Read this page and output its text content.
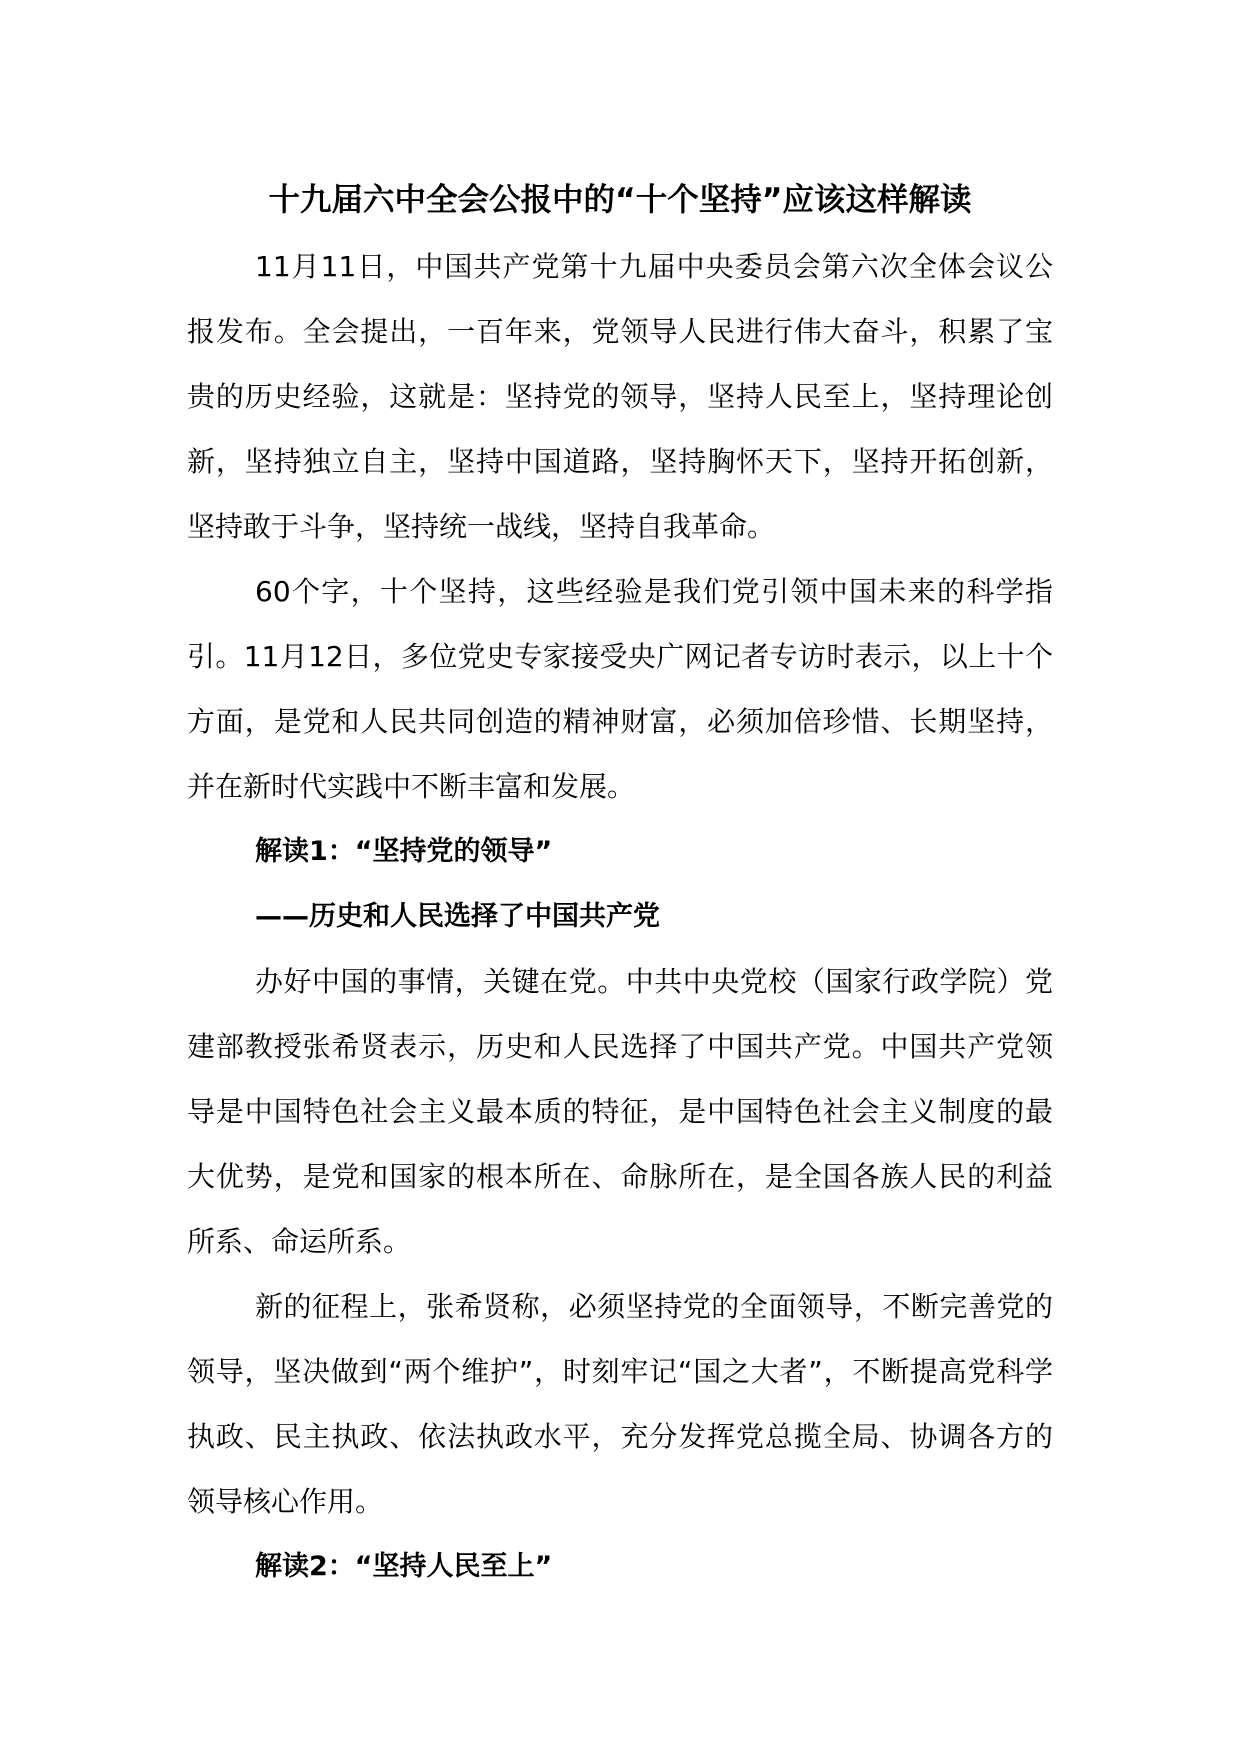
十九届六中全会公报中的“十个坚持”应该这样解读

11月11日，中国共产党第十九届中央委员会第六次全体会议公报发布。全会提出，一百年来，党领导人民进行伟大奋斗，积累了宝贵的历史经验，这就是：坚持党的领导，坚持人民至上，坚持理论创新，坚持独立自主，坚持中国道路，坚持胸怀天下，坚持开拓创新，坚持敢于斗争，坚持统一战线，坚持自我革命。

60个字，十个坚持，这些经验是我们党引领中国未来的科学指引。11月12日，多位党史专家接受央广网记者专访时表示，以上十个方面，是党和人民共同创造的精神财富，必须加倍珍惜、长期坚持，并在新时代实践中不断丰富和发展。

解读1：“坚持党的领导”

——历史和人民选择了中国共产党

办好中国的事情，关键在党。中共中央党校（国家行政学院）党建部教授张希贤表示，历史和人民选择了中国共产党。中国共产党领导是中国特色社会主义最本质的特征，是中国特色社会主义制度的最大优势，是党和国家的根本所在、命脉所在，是全国各族人民的利益所系、命运所系。

新的征程上，张希贤称，必须坚持党的全面领导，不断完善党的领导，坚决做到“两个维护”，时刻牢记“国之大者”，不断提高党科学执政、民主执政、依法执政水平，充分发挥党总揽全局、协调各方的领导核心作用。

解读2：“坚持人民至上”
